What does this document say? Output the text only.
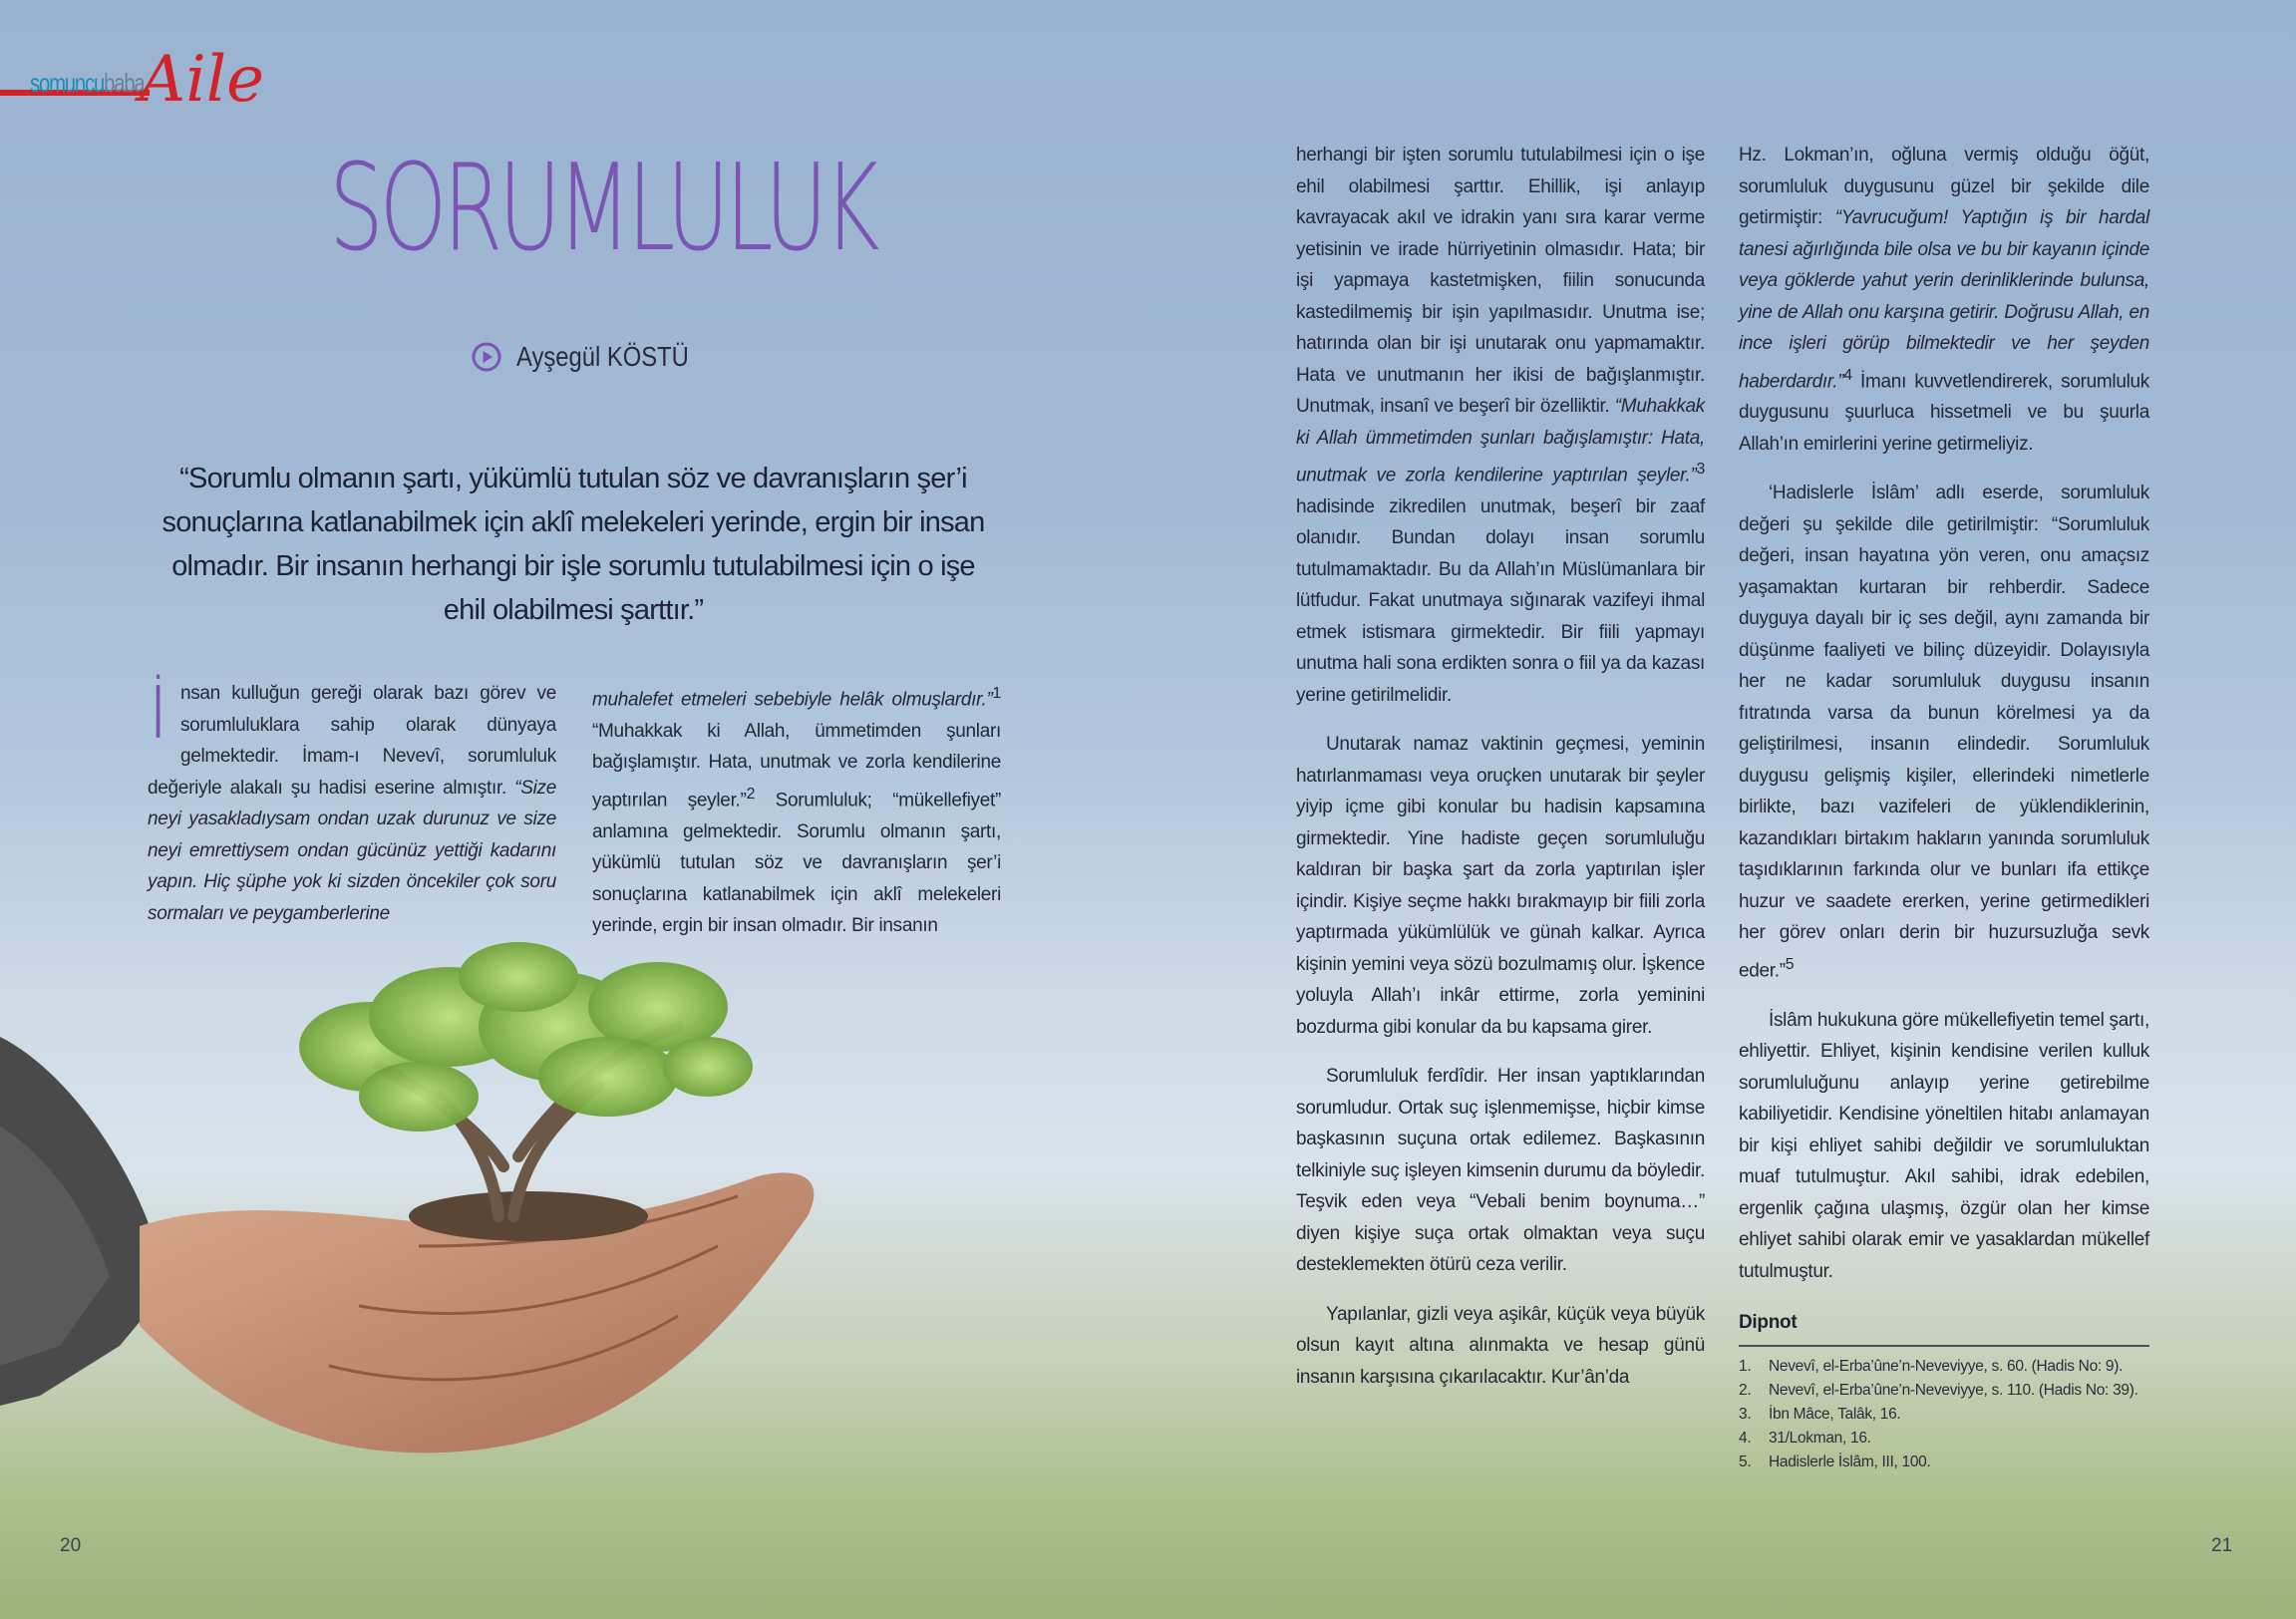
somuncubaba
Aile
SORUMLULUK
Ayşegül KÖSTÜ
“Sorumlu olmanın şartı, yükümlü tutulan söz ve davranışların şer’i sonuçlarına katlanabilmek için aklî melekeleri yerinde, ergin bir insan olmadır. Bir insanın herhangi bir işle sorumlu tutulabilmesi için o işe ehil olabilmesi şarttır.”

İnsan kulluğun gereği olarak bazı görev ve sorumluluklara sahip olarak dünyaya gelmektedir. İmam-ı Nevevî, sorumluluk değeriyle alakalı şu hadisi eserine almıştır. “Size neyi yasakladıysam ondan uzak durunuz ve size neyi emrettiysem ondan gücünüz yettiği kadarını yapın. Hiç şüphe yok ki sizden öncekiler çok soru sormaları ve peygamberlerine

muhalefet etmeleri sebebiyle helâk olmuşlardır.”$^1$ “Muhakkak ki Allah, ümmetimden şunları bağışlamıştır. Hata, unutmak ve zorla kendilerine yaptırılan şeyler.”$^2$ Sorumluluk; “mükellefiyet” anlamına gelmektedir. Sorumlu olmanın şartı, yükümlü tutulan söz ve davranışların şer’i sonuçlarına katlanabilmek için aklî melekeleri yerinde, ergin bir insan olmadır. Bir insanın

20

herhangi bir işten sorumlu tutulabilmesi için o işe ehil olabilmesi şarttır. Ehillik, işi anlayıp kavrayacak akıl ve idrakin yanı sıra karar verme yetisinin ve irade hürriyetinin olmasıdır. Hata; bir işi yapmaya kastetmişken, fiilin sonucunda kastedilmemiş bir işin yapılmasıdır. Unutma ise; hatırında olan bir işi unutarak onu yapmamaktır. Hata ve unutmanın her ikisi de bağışlanmıştır. Unutmak, insanî ve beşerî bir özelliktir. “Muhakkak ki Allah ümmetimden şunları bağışlamıştır: Hata, unutmak ve zorla kendilerine yaptırılan şeyler.”$^3$ hadisinde zikredilen unutmak, beşerî bir zaaf olanıdır. Bundan dolayı insan sorumlu tutulmamaktadır. Bu da Allah’ın Müslümanlara bir lütfudur. Fakat unutmaya sığınarak vazifeyi ihmal etmek istismara girmektedir. Bir fiili yapmayı unutma hali sona erdikten sonra o fiil ya da kazası yerine getirilmelidir.

Unutarak namaz vaktinin geçmesi, yeminin hatırlanmaması veya oruçken unutarak bir şeyler yiyip içme gibi konular bu hadisin kapsamına girmektedir. Yine hadiste geçen sorumluluğu kaldıran bir başka şart da zorla yaptırılan işler içindir. Kişiye seçme hakkı bırakmayıp bir fiili zorla yaptırmada yükümlülük ve günah kalkar. Ayrıca kişinin yemini veya sözü bozulmamış olur. İşkence yoluyla Allah’ı inkâr ettirme, zorla yeminini bozdurma gibi konular da bu kapsama girer.

Sorumluluk ferdîdir. Her insan yaptıklarından sorumludur. Ortak suç işlenmemişse, hiçbir kimse başkasının suçuna ortak edilemez. Başkasının telkiniyle suç işleyen kimsenin durumu da böyledir. Teşvik eden veya “Vebali benim boynuma…” diyen kişiye suça ortak olmaktan veya suçu desteklemekten ötürü ceza verilir.

Yapılanlar, gizli veya aşikâr, küçük veya büyük olsun kayıt altına alınmakta ve hesap günü insanın karşısına çıkarılacaktır. Kur’ân’da

Hz. Lokman’ın, oğluna vermiş olduğu öğüt, sorumluluk duygusunu güzel bir şekilde dile getirmiştir: “Yavrucuğum! Yaptığın iş bir hardal tanesi ağırlığında bile olsa ve bu bir kayanın içinde veya göklerde yahut yerin derinliklerinde bulunsa, yine de Allah onu karşına getirir. Doğrusu Allah, en ince işleri görüp bilmektedir ve her şeyden haberdardır.”$^4$ İmanı kuvvetlendirerek, sorumluluk duygusunu şuurluca hissetmeli ve bu şuurla Allah’ın emirlerini yerine getirmeliyiz.

‘Hadislerle İslâm’ adlı eserde, sorumluluk değeri şu şekilde dile getirilmiştir: “Sorumluluk değeri, insan hayatına yön veren, onu amaçsız yaşamaktan kurtaran bir rehberdir. Sadece duyguya dayalı bir iç ses değil, aynı zamanda bir düşünme faaliyeti ve bilinç düzeyidir. Dolayısıyla her ne kadar sorumluluk duygusu insanın fıtratında varsa da bunun körelmesi ya da geliştirilmesi, insanın elindedir. Sorumluluk duygusu gelişmiş kişiler, ellerindeki nimetlerle birlikte, bazı vazifeleri de yüklendiklerinin, kazandıkları birtakım hakların yanında sorumluluk taşıdıklarının farkında olur ve bunları ifa ettikçe huzur ve saadete ererken, yerine getirmedikleri her görev onları derin bir huzursuzluğa sevk eder.”$^5$

İslâm hukukuna göre mükellefiyetin temel şartı, ehliyettir. Ehliyet, kişinin kendisine verilen kulluk sorumluluğunu anlayıp yerine getirebilme kabiliyetidir. Kendisine yöneltilen hitabı anlamayan bir kişi ehliyet sahibi değildir ve sorumluluktan muaf tutulmuştur. Akıl sahibi, idrak edebilen, ergenlik çağına ulaşmış, özgür olan her kimse ehliyet sahibi olarak emir ve yasaklardan mükellef tutulmuştur.

Dipnot

1.	Nevevî, el-Erba’ûne’n-Neveviyye, s. 60. (Hadis No: 9).
2.	Nevevî, el-Erba’ûne’n-Neveviyye, s. 110. (Hadis No: 39).
3.	İbn Mâce, Talâk, 16.
4.	31/Lokman, 16.
5.	Hadislerle İslâm, III, 100.
21
